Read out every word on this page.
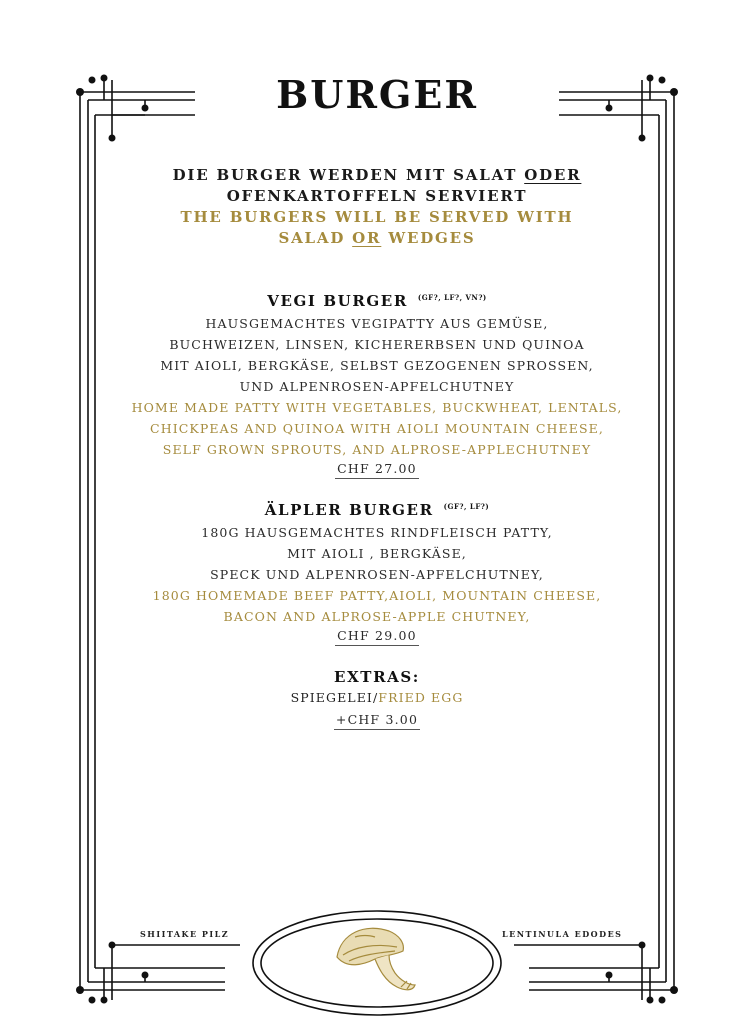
BURGER
DIE BURGER WERDEN MIT SALAT ODER
OFENKARTOFFELN SERVIERT
THE BURGERS WILL BE SERVED WITH
SALAD OR WEDGES
VEGI BURGER $^{(GF?, LF?, VN?)}$
HAUSGEMACHTES VEGIPATTY AUS GEMÜSE,
BUCHWEIZEN, LINSEN, KICHERERBSEN UND QUINOA
MIT AIOLI, BERGKÄSE, SELBST GEZOGENEN SPROSSEN,
UND ALPENROSEN-APFELCHUTNEY
HOME MADE PATTY WITH VEGETABLES, BUCKWHEAT, LENTALS,
CHICKPEAS AND QUINOA WITH AIOLI MOUNTAIN CHEESE,
SELF GROWN SPROUTS, AND ALPROSE-APPLECHUTNEY
CHF 27.00
ÄLPLER BURGER $^{(GF?, LF?)}$
180G HAUSGEMACHTES RINDFLEISCH PATTY,
MIT AIOLI , BERGKÄSE,
SPECK UND ALPENROSEN-APFELCHUTNEY,
180G HOMEMADE BEEF PATTY,AIOLI, MOUNTAIN CHEESE,
BACON AND ALPROSE-APPLE CHUTNEY,
CHF 29.00
EXTRAS:
SPIEGELEI/FRIED EGG
+CHF 3.00
SHIITAKE PILZ	LENTINULA EDODES
